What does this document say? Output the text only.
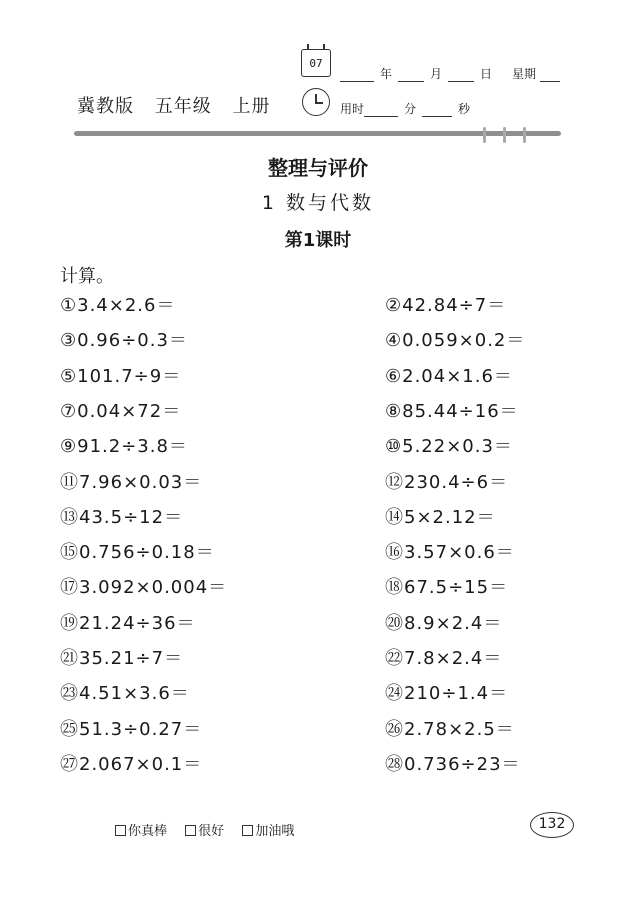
冀教版 五年级 上册
07
年	月	日 星期
用时	分	秒
整理与评价
1 数与代数
第1课时
计算。
①3.4×2.6＝	②42.84÷7＝
③0.96÷0.3＝	④0.059×0.2＝
⑤101.7÷9＝	⑥2.04×1.6＝
⑦0.04×72＝	⑧85.44÷16＝
⑨91.2÷3.8＝	⑩5.22×0.3＝
⑪7.96×0.03＝	⑫230.4÷6＝
⑬43.5÷12＝	⑭5×2.12＝
⑮0.756÷0.18＝	⑯3.57×0.6＝
⑰3.092×0.004＝	⑱67.5÷15＝
⑲21.24÷36＝	⑳8.9×2.4＝
㉑35.21÷7＝	㉒7.8×2.4＝
㉓4.51×3.6＝	㉔210÷1.4＝
㉕51.3÷0.27＝	㉖2.78×2.5＝
㉗2.067×0.1＝	㉘0.736÷23＝
你真棒 很好 加油哦	132
